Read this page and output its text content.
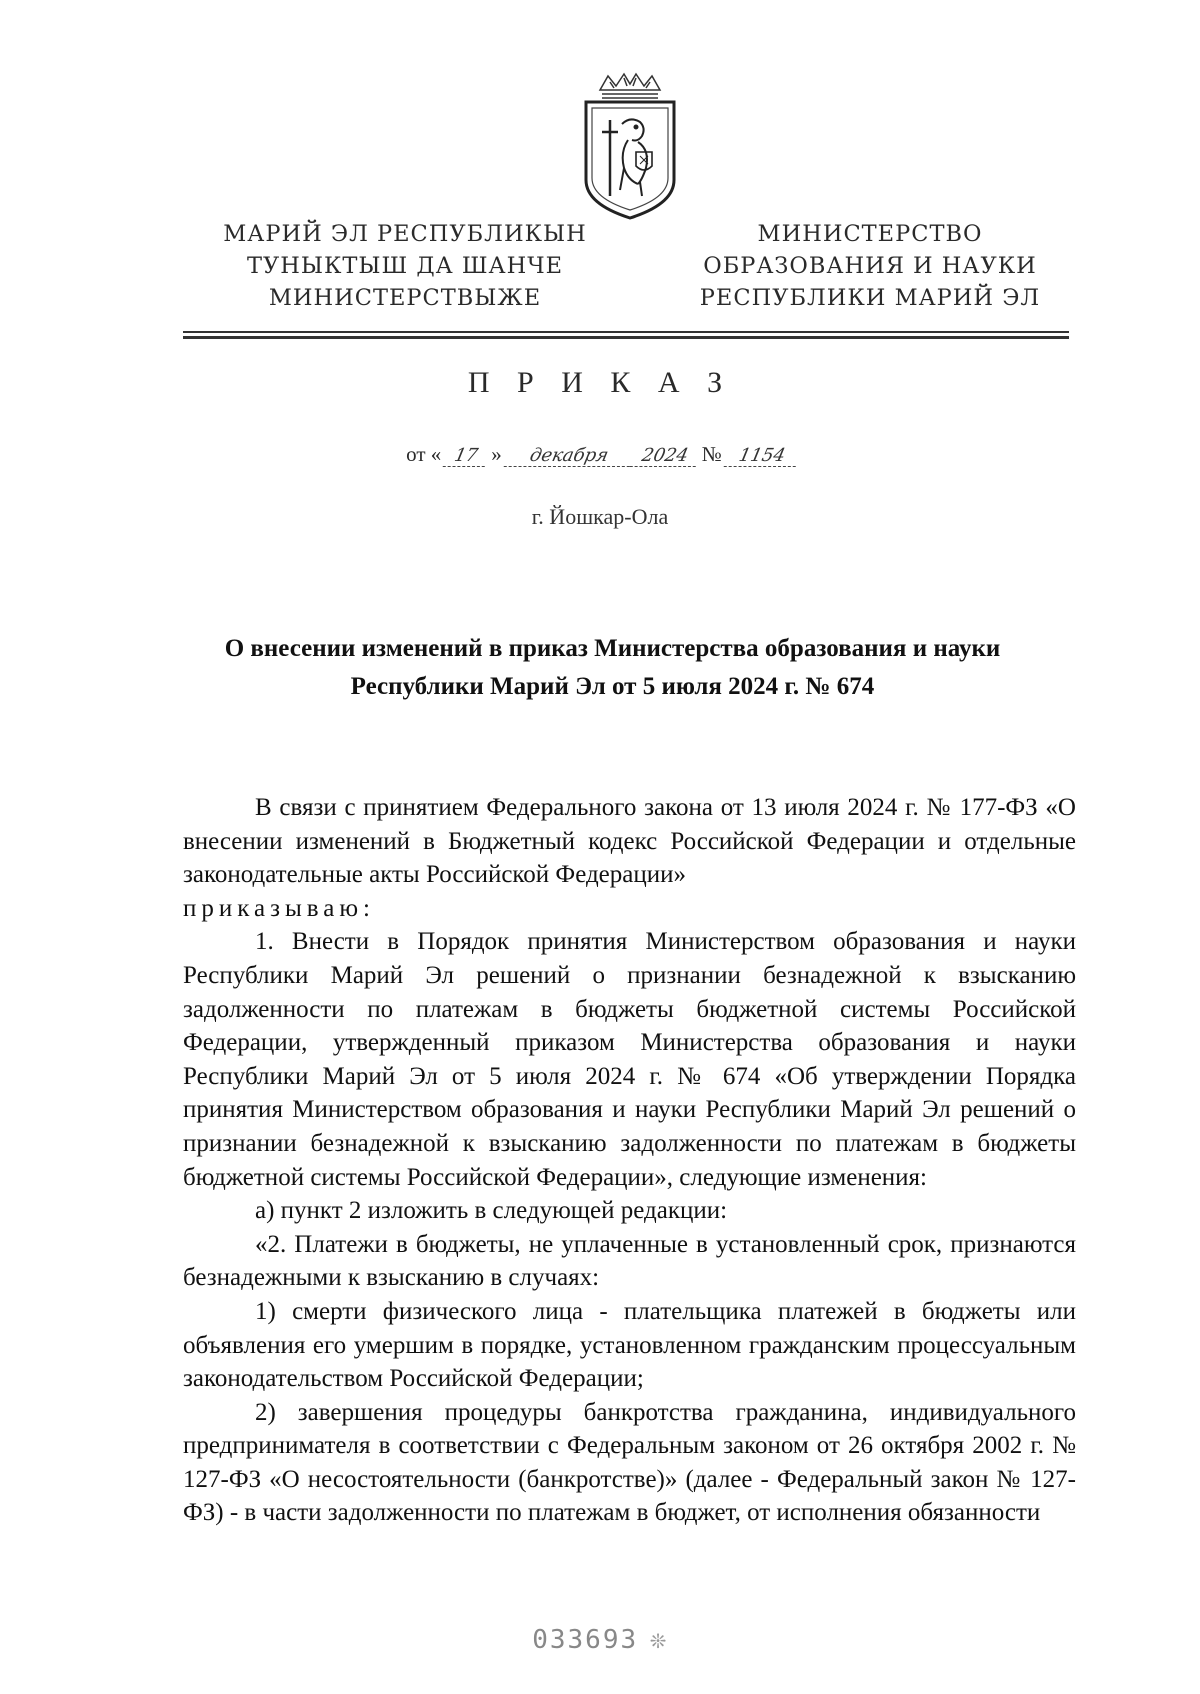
МАРИЙ ЭЛ РЕСПУБЛИКЫН
ТУНЫКТЫШ ДА ШАНЧЕ
МИНИСТЕРСТВЫЖЕ
МИНИСТЕРСТВО
ОБРАЗОВАНИЯ И НАУКИ
РЕСПУБЛИКИ МАРИЙ ЭЛ
П Р И К А З
от « 17 » декабря 2024 № 1154
г. Йошкар-Ола
О внесении изменений в приказ Министерства образования и науки
Республики Марий Эл от 5 июля 2024 г. № 674

В связи с принятием Федерального закона от 13 июля 2024 г. № 177-ФЗ «О внесении изменений в Бюджетный кодекс Российской Федерации и отдельные законодательные акты Российской Федерации»

приказываю:

1. Внести в Порядок принятия Министерством образования и науки Республики Марий Эл решений о признании безнадежной к взысканию задолженности по платежам в бюджеты бюджетной системы Российской Федерации, утвержденный приказом Министерства образования и науки Республики Марий Эл от 5 июля 2024 г. № 674 «Об утверждении Порядка принятия Министерством образования и науки Республики Марий Эл решений о признании безнадежной к взысканию задолженности по платежам в бюджеты бюджетной системы Российской Федерации», следующие изменения:

а) пункт 2 изложить в следующей редакции:

«2. Платежи в бюджеты, не уплаченные в установленный срок, признаются безнадежными к взысканию в случаях:

1) смерти физического лица - плательщика платежей в бюджеты или объявления его умершим в порядке, установленном гражданским процессуальным законодательством Российской Федерации;

2) завершения процедуры банкротства гражданина, индивидуального предпринимателя в соответствии с Федеральным законом от 26 октября 2002 г. № 127-ФЗ «О несостоятельности (банкротстве)» (далее - Федеральный закон № 127-ФЗ) - в части задолженности по платежам в бюджет, от исполнения обязанности

033693 ❊
